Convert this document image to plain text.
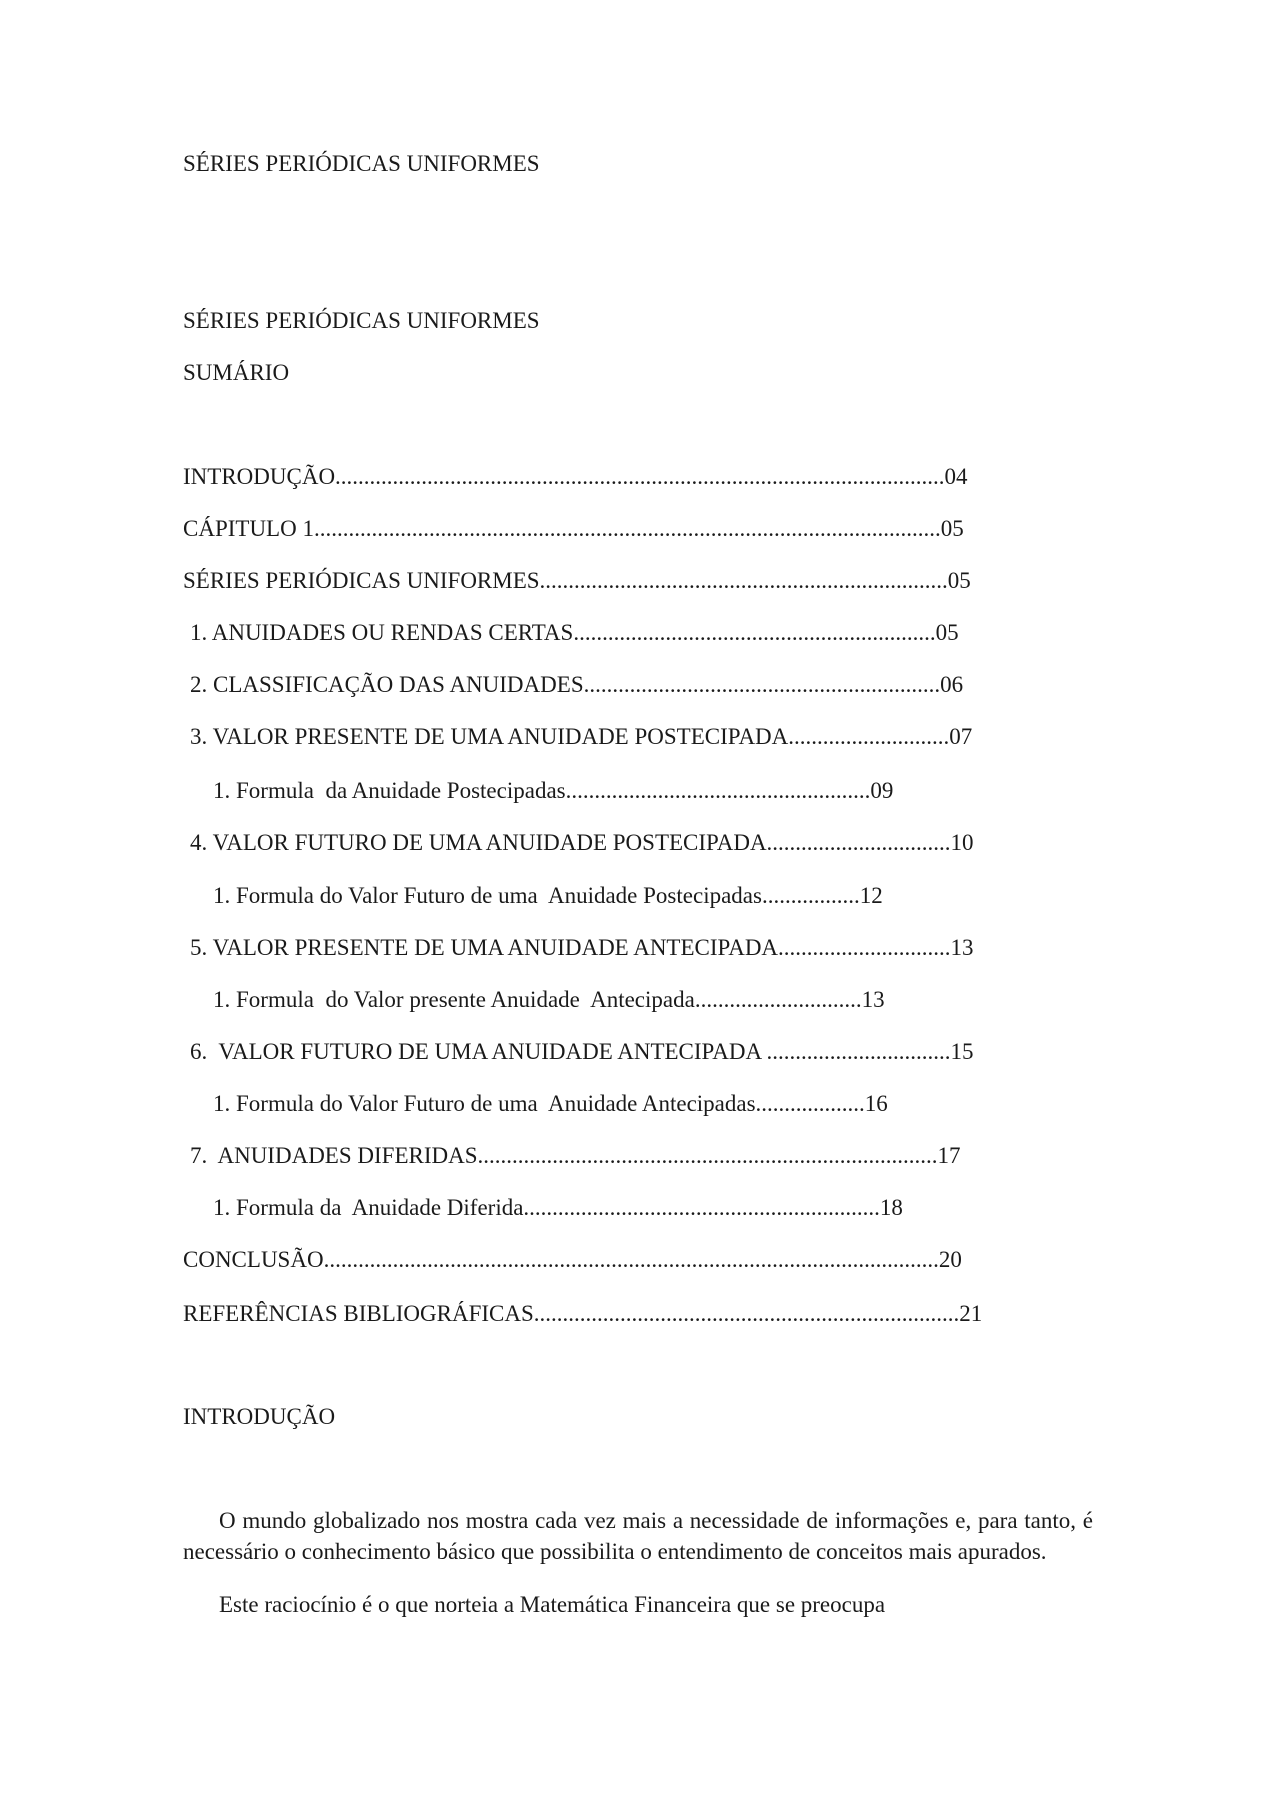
SÉRIES PERIÓDICAS UNIFORMES
SÉRIES PERIÓDICAS UNIFORMES
SUMÁRIO
INTRODUÇÃO..........................................................................................................04
CÁPITULO 1.............................................................................................................05
SÉRIES PERIÓDICAS UNIFORMES.......................................................................05
1. ANUIDADES OU RENDAS CERTAS...............................................................05
2. CLASSIFICAÇÃO DAS ANUIDADES..............................................................06
3. VALOR PRESENTE DE UMA ANUIDADE POSTECIPADA............................07
1. Formula  da Anuidade Postecipadas.....................................................09
4. VALOR FUTURO DE UMA ANUIDADE POSTECIPADA................................10
1. Formula do Valor Futuro de uma  Anuidade Postecipadas.................12
5. VALOR PRESENTE DE UMA ANUIDADE ANTECIPADA..............................13
1. Formula  do Valor presente Anuidade  Antecipada.............................13
6.  VALOR FUTURO DE UMA ANUIDADE ANTECIPADA ................................15
1. Formula do Valor Futuro de uma  Anuidade Antecipadas...................16
7.  ANUIDADES DIFERIDAS................................................................................17
1. Formula da  Anuidade Diferida..............................................................18
CONCLUSÃO...........................................................................................................20
REFERÊNCIAS BIBLIOGRÁFICAS..........................................................................21
INTRODUÇÃO
O mundo globalizado nos mostra cada vez mais a necessidade de informações e, para tanto, é necessário o conhecimento básico que possibilita o entendimento de conceitos mais apurados.
Este raciocínio é o que norteia a Matemática Financeira que se preocupa
